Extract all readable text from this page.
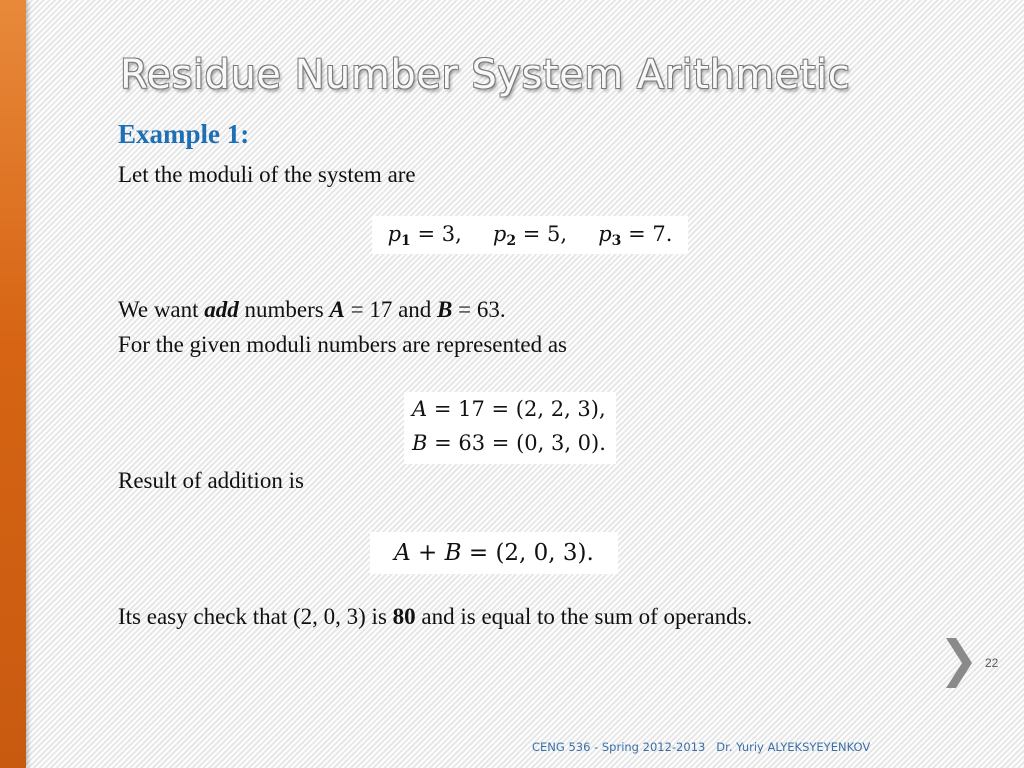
Residue Number System Arithmetic

Example 1:

Let the moduli of the system are

$p_1 = 3$, $p_2 = 5$, $p_3 = 7$.

We want add numbers A = 17 and B = 63.

For the given moduli numbers are represented as

A = 17 = (2, 2, 3),
B = 63 = (0, 3, 0).

Result of addition is

A + B = (2, 0, 3).

Its easy check that (2, 0, 3) is 80 and is equal to the sum of operands.

22
CENG 536 - Spring 2012-2013   Dr. Yuriy ALYEKSYEYENKOV
